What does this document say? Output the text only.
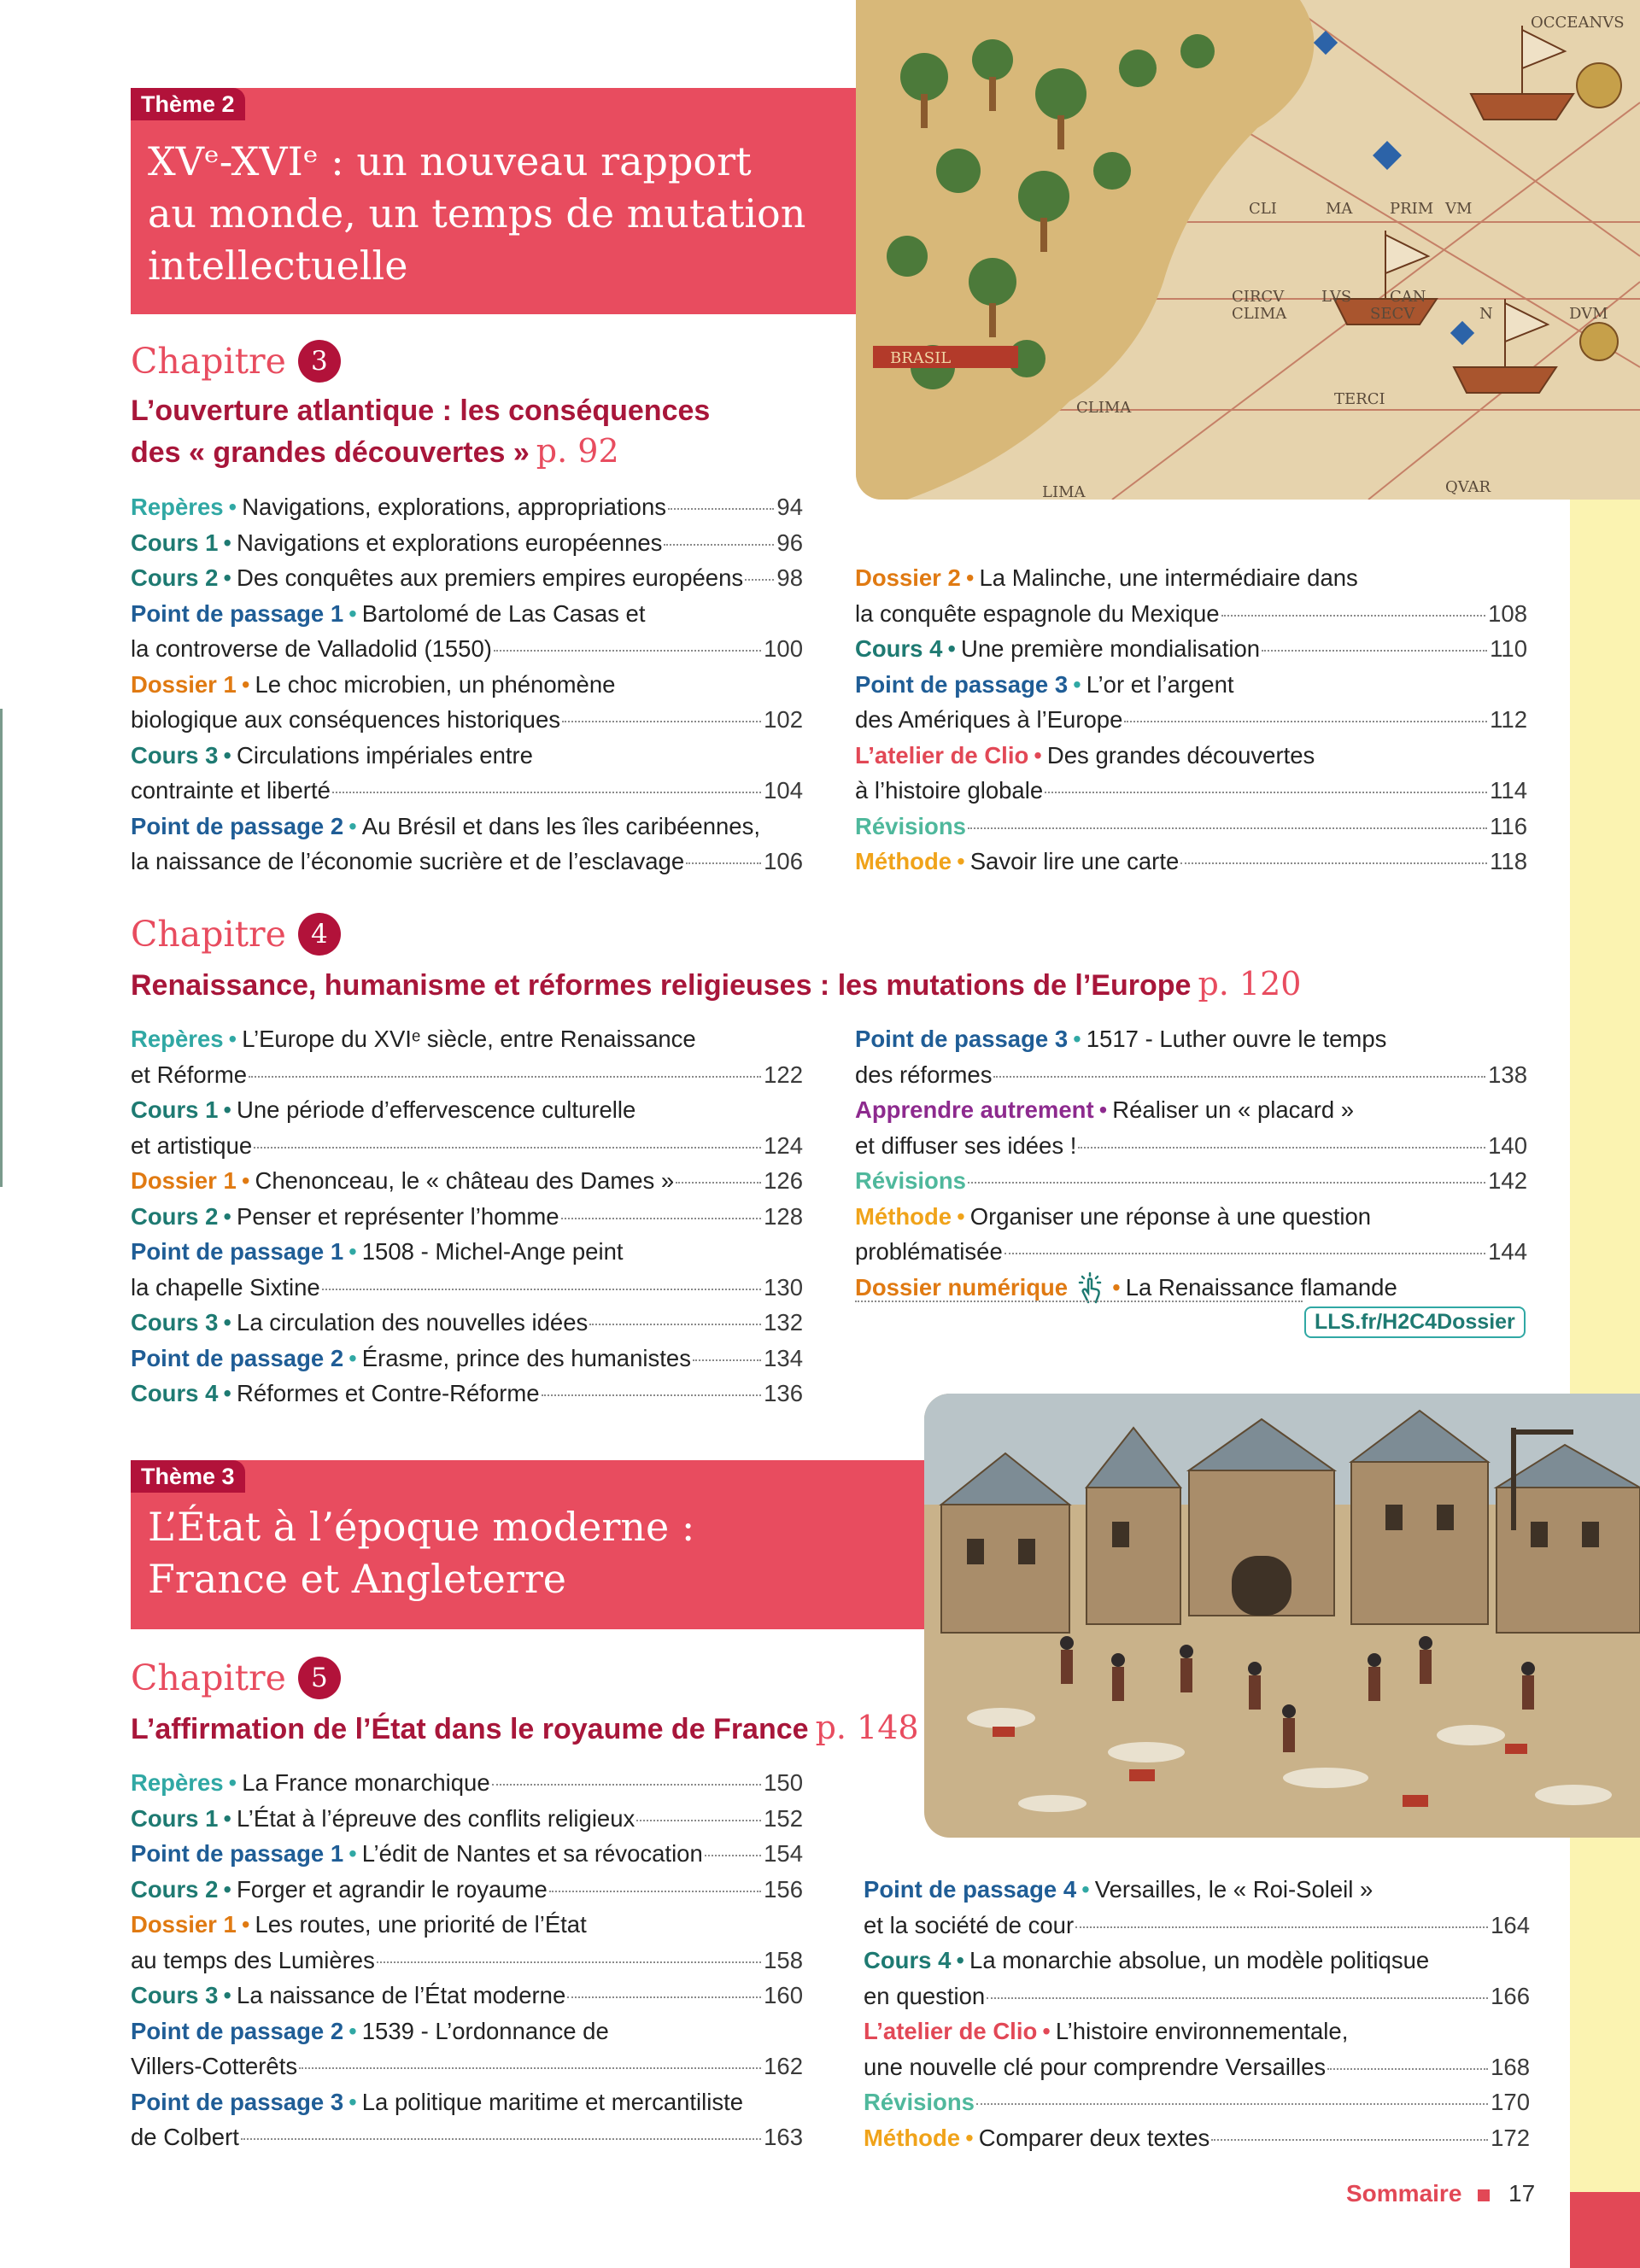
BRASIL
OCCEANVS
CLI	MA PRIM VM
CIRCV
CLIMA
LVS CAN
SECV	N	DVM
TERCI
CLIMA
QVAR
LIMA
Thème 2
XVᵉ-XVIᵉ : un nouveau rapport
au monde, un temps de mutation
intellectuelle
Chapitre 3
L’ouverture atlantique : les conséquences
des « grandes découvertes » p. 92
Repères • Navigations, explorations, appropriations	94
Cours 1 • Navigations et explorations européennes	96
Cours 2 • Des conquêtes aux premiers empires européens 98
Point de passage 1 • Bartolomé de Las Casas et
la controverse de Valladolid (1550)	100
Dossier 1 • Le choc microbien, un phénomène
biologique aux conséquences historiques	102
Cours 3 • Circulations impériales entre
contrainte et liberté	104
Point de passage 2 • Au Brésil et dans les îles caribéennes,
la naissance de l’économie sucrière et de l’esclavage	106
Dossier 2 • La Malinche, une intermédiaire dans
la conquête espagnole du Mexique	108
Cours 4 • Une première mondialisation	110
Point de passage 3 • L’or et l’argent
des Amériques à l’Europe	112
L’atelier de Clio • Des grandes découvertes
à l’histoire globale	114
Révisions	116
Méthode • Savoir lire une carte	118
Chapitre 4
Renaissance, humanisme et réformes religieuses : les mutations de l’Europe p. 120
Repères • L’Europe du XVIᵉ siècle, entre Renaissance
et Réforme	122
Cours 1 • Une période d’effervescence culturelle
et artistique	124
Dossier 1 • Chenonceau, le « château des Dames »	126
Cours 2 • Penser et représenter l’homme	128
Point de passage 1 • 1508 - Michel-Ange peint
la chapelle Sixtine	130
Cours 3 • La circulation des nouvelles idées	132
Point de passage 2 • Érasme, prince des humanistes	134
Cours 4 • Réformes et Contre-Réforme	136
Point de passage 3 • 1517 - Luther ouvre le temps
des réformes	138
Apprendre autrement • Réaliser un « placard »
et diffuser ses idées !	140
Révisions	142
Méthode • Organiser une réponse à une question
problématisée	144
Dossier numérique • La Renaissance flamande
LLS.fr/H2C4Dossier
Thème 3
L’État à l’époque moderne :
France et Angleterre
Chapitre 5
L’affirmation de l’État dans le royaume de France p. 148
Repères • La France monarchique	150
Cours 1 • L’État à l’épreuve des conflits religieux	152
Point de passage 1 • L’édit de Nantes et sa révocation	154
Cours 2 • Forger et agrandir le royaume	156
Dossier 1 • Les routes, une priorité de l’État
au temps des Lumières	158
Cours 3 • La naissance de l’État moderne	160
Point de passage 2 • 1539 - L’ordonnance de
Villers-Cotterêts	162
Point de passage 3 • La politique maritime et mercantiliste
de Colbert	163
Point de passage 4 • Versailles, le « Roi-Soleil »
et la société de cour	164
Cours 4 • La monarchie absolue, un modèle politiqsue
en question	166
L’atelier de Clio • L’histoire environnementale,
une nouvelle clé pour comprendre Versailles	168
Révisions	170
Méthode • Comparer deux textes	172
Sommaire 17
